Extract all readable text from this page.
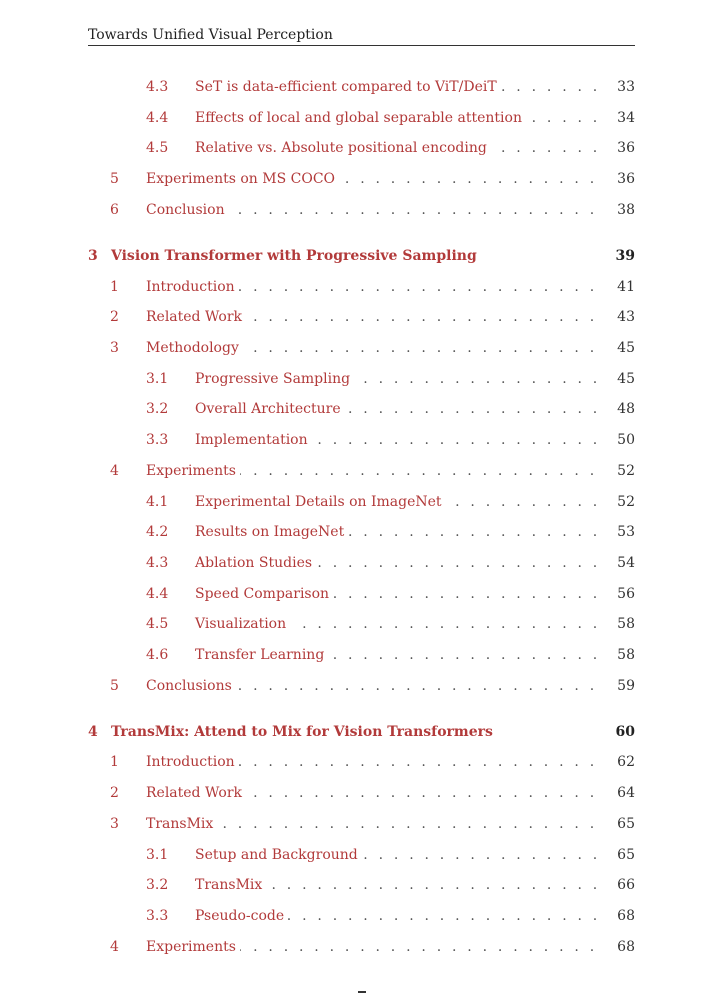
Towards Unified Visual Perception
. . .
4.3 SeT is data-efficient compared to ViT/DeiT	33
. . .
4.4 Effects of local and global separable attention	34
. . .
4.5 Relative vs. Absolute positional encoding	36
. . .
5 Experiments on MS COCO	36
. . .
6 Conclusion	38
3 Vision Transformer with Progressive Sampling	39
. . .
1 Introduction	41
. . .
2 Related Work	43
. . .
3 Methodology	45
. . .
3.1 Progressive Sampling	45
. . .
3.2 Overall Architecture	48
. . .
3.3 Implementation	50
. . .
4 Experiments	52
. . .
4.1 Experimental Details on ImageNet	52
. . .
4.2 Results on ImageNet	53
. . .
4.3 Ablation Studies	54
. . .
4.4 Speed Comparison	56
. . .
4.5 Visualization	58
. . .
4.6 Transfer Learning	58
. . .
5 Conclusions	59
4 TransMix: Attend to Mix for Vision Transformers	60
. . .
1 Introduction	62
. . .
2 Related Work	64
. . .
3 TransMix	65
. . .
3.1 Setup and Background	65
. . .
3.2 TransMix	66
. . .
3.3 Pseudo-code	68
. . .
4 Experiments	68
